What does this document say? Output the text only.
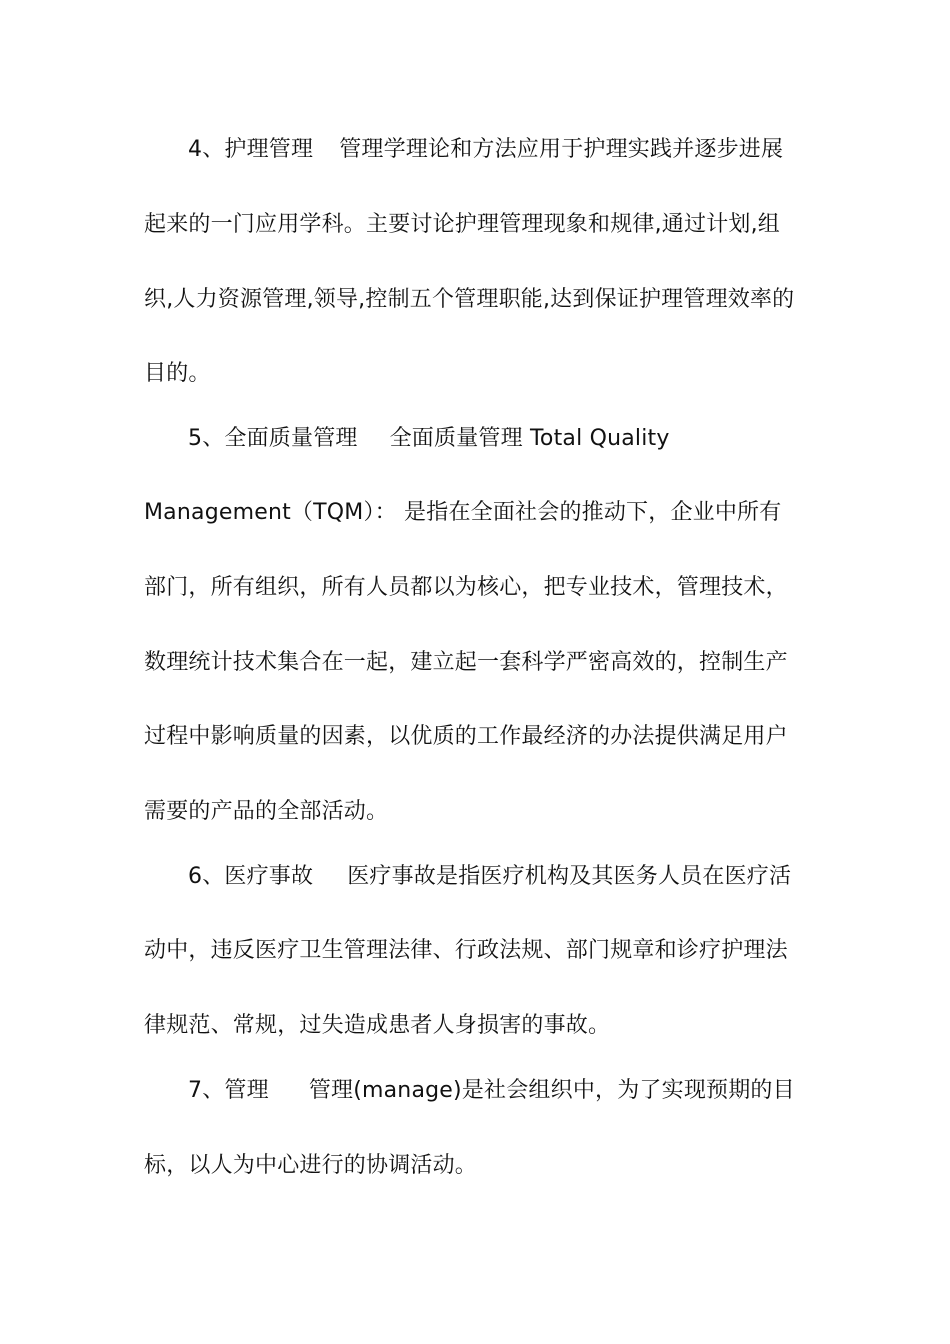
4、护理管理 管理学理论和方法应用于护理实践并逐步进展
起来的一门应用学科。主要讨论护理管理现象和规律,通过计划,组
织,人力资源管理,领导,控制五个管理职能,达到保证护理管理效率的
目的。
5、全面质量管理 全面质量管理 Total Quality
Management（TQM）： 是指在全面社会的推动下，企业中所有
部门，所有组织，所有人员都以为核心，把专业技术，管理技术，
数理统计技术集合在一起，建立起一套科学严密高效的，控制生产
过程中影响质量的因素，以优质的工作最经济的办法提供满足用户
需要的产品的全部活动。
6、医疗事故 医疗事故是指医疗机构及其医务人员在医疗活
动中，违反医疗卫生管理法律、行政法规、部门规章和诊疗护理法
律规范、常规，过失造成患者人身损害的事故。
7、管理 管理(manage)是社会组织中，为了实现预期的目
标，以人为中心进行的协调活动。
